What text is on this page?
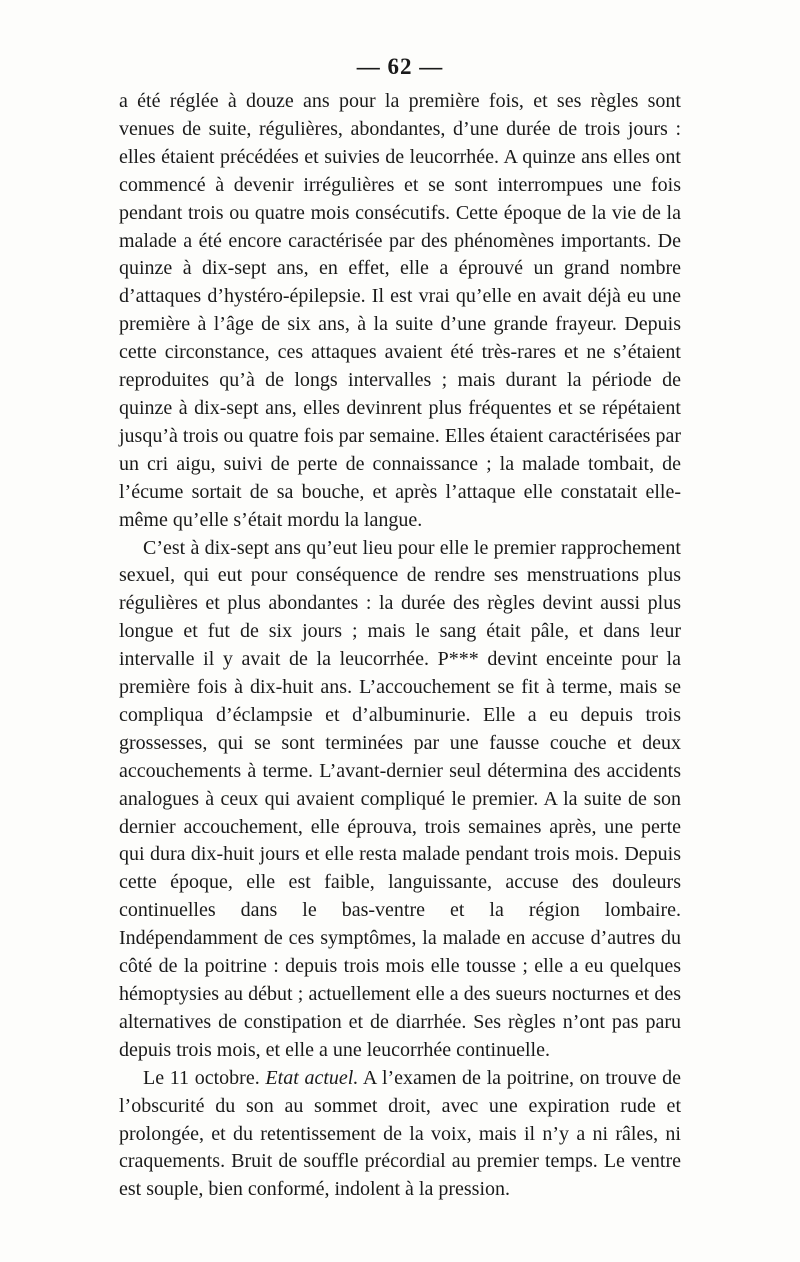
— 62 —

a été réglée à douze ans pour la première fois, et ses règles sont venues de suite, régulières, abondantes, d’une durée de trois jours : elles étaient précédées et suivies de leucorrhée. A quinze ans elles ont commencé à devenir irrégulières et se sont interrompues une fois pendant trois ou quatre mois consécutifs. Cette époque de la vie de la malade a été encore caractérisée par des phénomènes importants. De quinze à dix-sept ans, en effet, elle a éprouvé un grand nombre d’attaques d’hystéro-épilepsie. Il est vrai qu’elle en avait déjà eu une première à l’âge de six ans, à la suite d’une grande frayeur. Depuis cette circonstance, ces attaques avaient été très-rares et ne s’étaient reproduites qu’à de longs intervalles ; mais durant la période de quinze à dix-sept ans, elles devinrent plus fréquentes et se répétaient jusqu’à trois ou quatre fois par semaine. Elles étaient caractérisées par un cri aigu, suivi de perte de connaissance ; la malade tombait, de l’écume sortait de sa bouche, et après l’attaque elle constatait elle-même qu’elle s’était mordu la langue.

C’est à dix-sept ans qu’eut lieu pour elle le premier rapprochement sexuel, qui eut pour conséquence de rendre ses menstruations plus régulières et plus abondantes : la durée des règles devint aussi plus longue et fut de six jours ; mais le sang était pâle, et dans leur intervalle il y avait de la leucorrhée. P*** devint enceinte pour la première fois à dix-huit ans. L’accouchement se fit à terme, mais se compliqua d’éclampsie et d’albuminurie. Elle a eu depuis trois grossesses, qui se sont terminées par une fausse couche et deux accouchements à terme. L’avant-dernier seul détermina des accidents analogues à ceux qui avaient compliqué le premier. A la suite de son dernier accouchement, elle éprouva, trois semaines après, une perte qui dura dix-huit jours et elle resta malade pendant trois mois. Depuis cette époque, elle est faible, languissante, accuse des douleurs continuelles dans le bas-ventre et la région lombaire. Indépendamment de ces symptômes, la malade en accuse d’autres du côté de la poitrine : depuis trois mois elle tousse ; elle a eu quelques hémoptysies au début ; actuellement elle a des sueurs nocturnes et des alternatives de constipation et de diarrhée. Ses règles n’ont pas paru depuis trois mois, et elle a une leucorrhée continuelle.

Le 11 octobre. Etat actuel. A l’examen de la poitrine, on trouve de l’obscurité du son au sommet droit, avec une expiration rude et prolongée, et du retentissement de la voix, mais il n’y a ni râles, ni craquements. Bruit de souffle précordial au premier temps. Le ventre est souple, bien conformé, indolent à la pression.
